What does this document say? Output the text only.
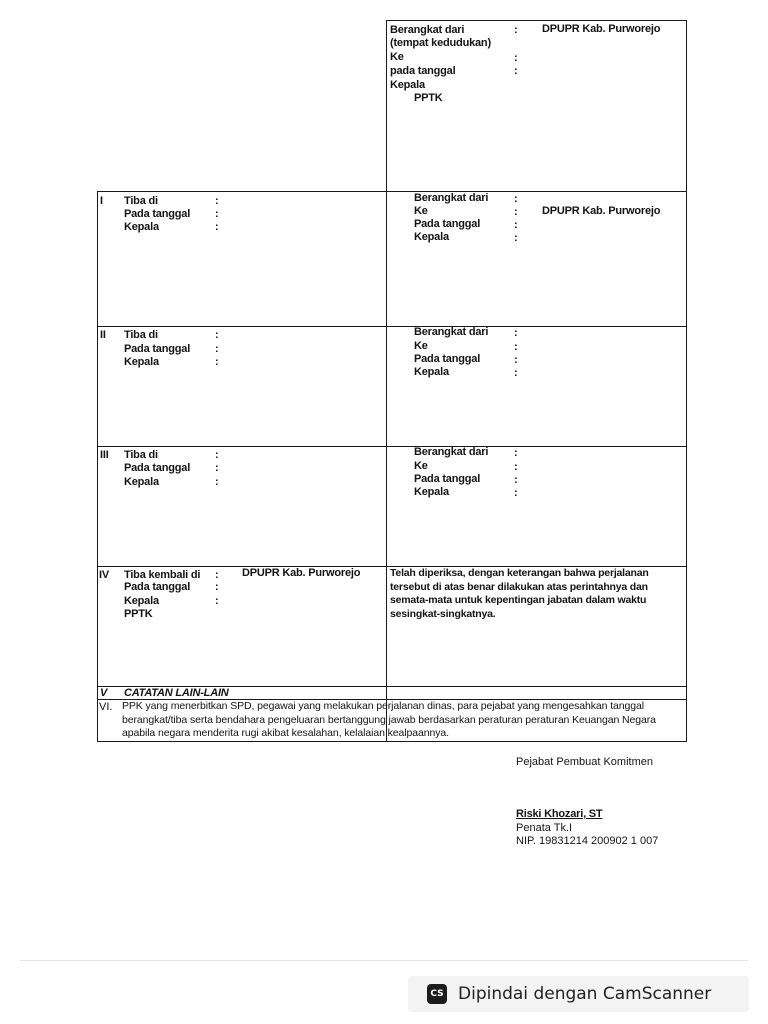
Berangkat dari	: DPUPR Kab. Purworejo
(tempat kedudukan)
Ke	:
pada tanggal	:
Kepala
PPTK
I Tiba di	:
Pada tanggal :
Kepala	:
Berangkat dari :
Ke	: DPUPR Kab. Purworejo
Pada tanggal	:
Kepala	:
II Tiba di	:
Pada tanggal :
Kepala	:
Berangkat dari :
Ke	:
Pada tanggal	:
Kepala	:
III Tiba di	:
Pada tanggal :
Kepala	:
Berangkat dari :
Ke	:
Pada tanggal	:
Kepala	:
IV Tiba kembali di : DPUPR Kab. Purworejo
Pada tanggal :
Kepala	:
PPTK
Telah diperiksa, dengan keterangan bahwa perjalanan tersebut di atas benar dilakukan atas perintahnya dan semata-mata untuk kepentingan jabatan dalam waktu sesingkat-singkatnya.
V CATATAN LAIN-LAIN
VI. PPK yang menerbitkan SPD, pegawai yang melakukan perjalanan dinas, para pejabat yang mengesahkan tanggal berangkat/tiba serta bendahara pengeluaran bertanggung jawab berdasarkan peraturan peraturan Keuangan Negara apabila negara menderita rugi akibat kesalahan, kelalaian kealpaannya.
Pejabat Pembuat Komitmen
Riski Khozari, ST
Penata Tk.I
NIP. 19831214 200902 1 007
CS Dipindai dengan CamScanner
